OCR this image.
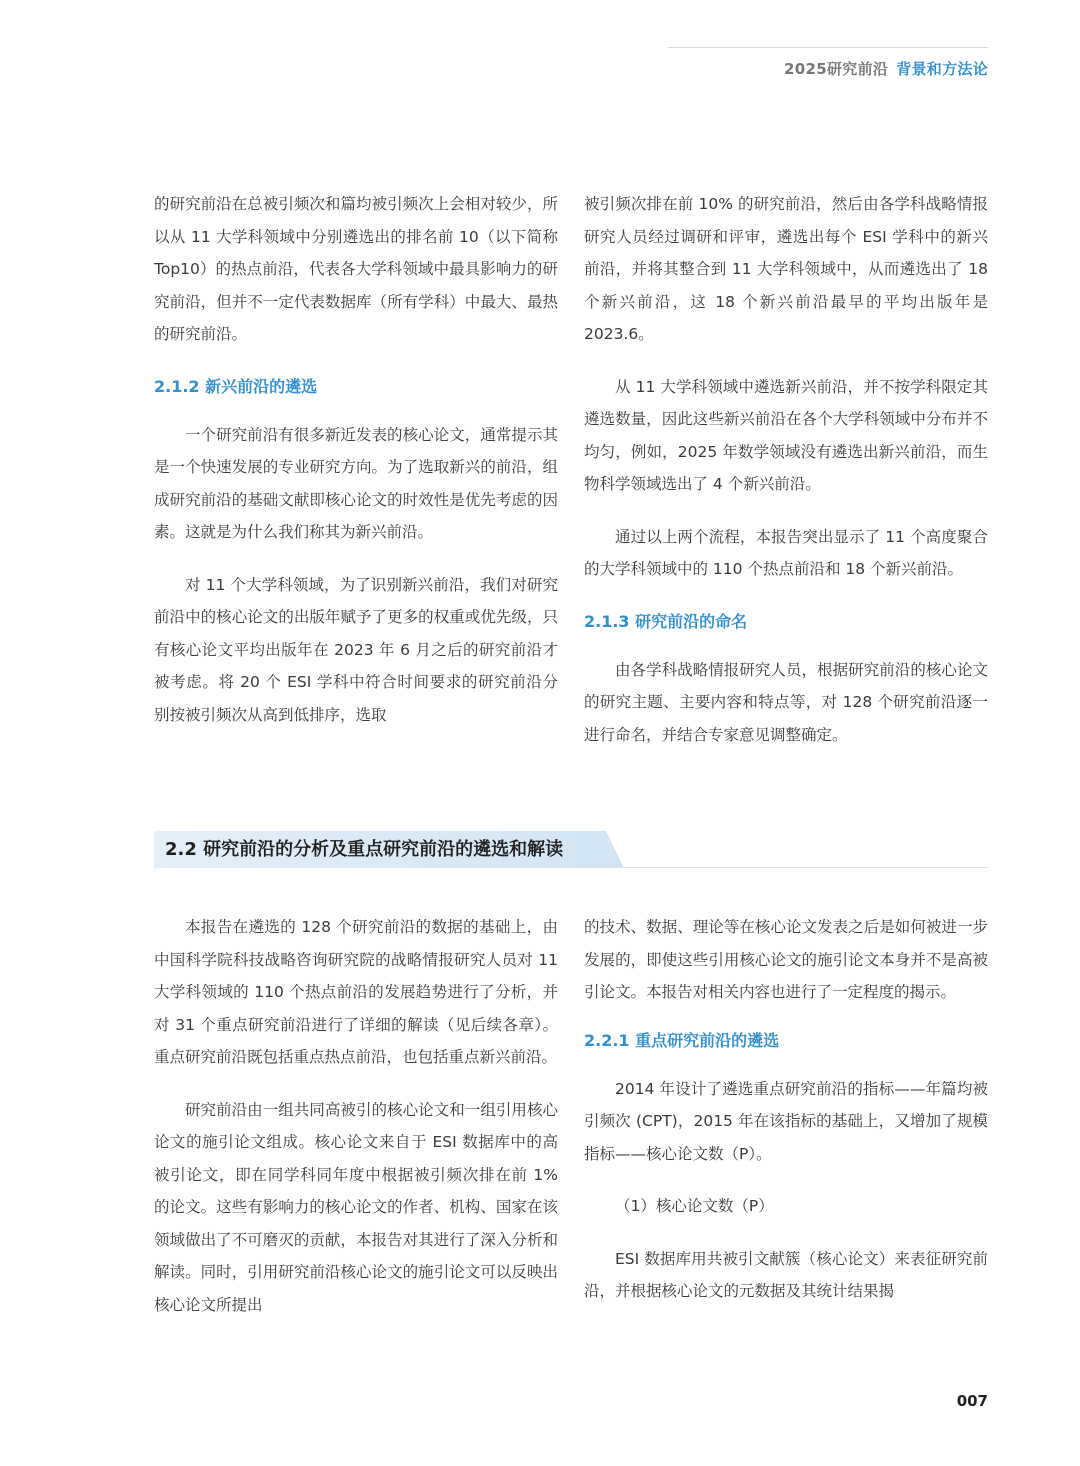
2025研究前沿 背景和方法论

的研究前沿在总被引频次和篇均被引频次上会相对较少，所以从 11 大学科领域中分别遴选出的排名前 10（以下简称 Top10）的热点前沿，代表各大学科领域中最具影响力的研究前沿，但并不一定代表数据库（所有学科）中最大、最热的研究前沿。

2.1.2 新兴前沿的遴选

一个研究前沿有很多新近发表的核心论文，通常提示其是一个快速发展的专业研究方向。为了选取新兴的前沿，组成研究前沿的基础文献即核心论文的时效性是优先考虑的因素。这就是为什么我们称其为新兴前沿。

对 11 个大学科领域，为了识别新兴前沿，我们对研究前沿中的核心论文的出版年赋予了更多的权重或优先级，只有核心论文平均出版年在 2023 年 6 月之后的研究前沿才被考虑。将 20 个 ESI 学科中符合时间要求的研究前沿分别按被引频次从高到低排序，选取

被引频次排在前 10% 的研究前沿，然后由各学科战略情报研究人员经过调研和评审，遴选出每个 ESI 学科中的新兴前沿，并将其整合到 11 大学科领域中，从而遴选出了 18 个新兴前沿，这 18 个新兴前沿最早的平均出版年是 2023.6。

从 11 大学科领域中遴选新兴前沿，并不按学科限定其遴选数量，因此这些新兴前沿在各个大学科领域中分布并不均匀，例如，2025 年数学领域没有遴选出新兴前沿，而生物科学领域选出了 4 个新兴前沿。

通过以上两个流程，本报告突出显示了 11 个高度聚合的大学科领域中的 110 个热点前沿和 18 个新兴前沿。

2.1.3 研究前沿的命名

由各学科战略情报研究人员，根据研究前沿的核心论文的研究主题、主要内容和特点等，对 128 个研究前沿逐一进行命名，并结合专家意见调整确定。

2.2 研究前沿的分析及重点研究前沿的遴选和解读

本报告在遴选的 128 个研究前沿的数据的基础上，由中国科学院科技战略咨询研究院的战略情报研究人员对 11 大学科领域的 110 个热点前沿的发展趋势进行了分析，并对 31 个重点研究前沿进行了详细的解读（见后续各章）。重点研究前沿既包括重点热点前沿，也包括重点新兴前沿。

研究前沿由一组共同高被引的核心论文和一组引用核心论文的施引论文组成。核心论文来自于 ESI 数据库中的高被引论文，即在同学科同年度中根据被引频次排在前 1% 的论文。这些有影响力的核心论文的作者、机构、国家在该领域做出了不可磨灭的贡献，本报告对其进行了深入分析和解读。同时，引用研究前沿核心论文的施引论文可以反映出核心论文所提出

的技术、数据、理论等在核心论文发表之后是如何被进一步发展的，即使这些引用核心论文的施引论文本身并不是高被引论文。本报告对相关内容也进行了一定程度的揭示。

2.2.1 重点研究前沿的遴选

2014 年设计了遴选重点研究前沿的指标——年篇均被引频次 (CPT)，2015 年在该指标的基础上，又增加了规模指标——核心论文数（P）。

（1）核心论文数（P）

ESI 数据库用共被引文献簇（核心论文）来表征研究前沿，并根据核心论文的元数据及其统计结果揭

007
